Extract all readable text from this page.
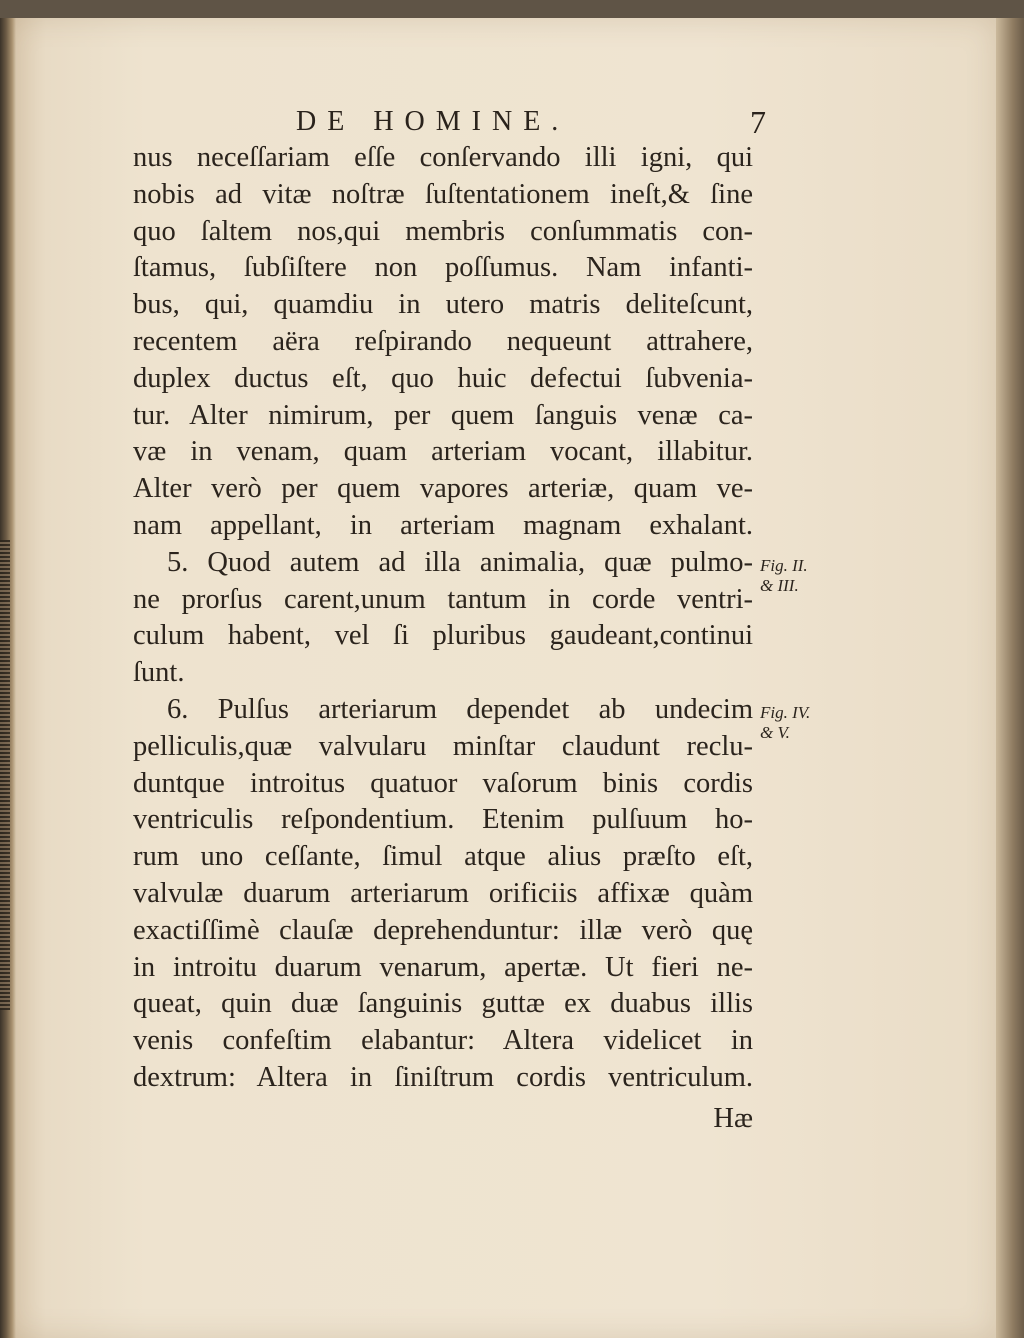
DE HOMINE.	7
nus neceſſariam eſſe conſervando illi igni, qui
nobis ad vitæ noſtræ ſuſtentationem ineſt,& ſine
quo ſaltem nos,qui membris conſummatis con-
ſtamus, ſubſiſtere non poſſumus. Nam infanti-
bus, qui, quamdiu in utero matris deliteſcunt,
recentem aëra reſpirando nequeunt attrahere,
duplex ductus eſt, quo huic defectui ſubvenia-
tur. Alter nimirum, per quem ſanguis venæ ca-
væ in venam, quam arteriam vocant, illabitur.
Alter verò per quem vapores arteriæ, quam ve-
nam appellant, in arteriam magnam exhalant.
5. Quod autem ad illa animalia, quæ pulmo-
ne prorſus carent,unum tantum in corde ventri-
culum habent, vel ſi pluribus gaudeant,continui
ſunt.
6. Pulſus arteriarum dependet ab undecim
pelliculis,quæ valvularu minſtar claudunt reclu-
duntque introitus quatuor vaſorum binis cordis
ventriculis reſpondentium. Etenim pulſuum ho-
rum uno ceſſante, ſimul atque alius præſto eſt,
valvulæ duarum arteriarum orificiis affixæ quàm
exactiſſimè clauſæ deprehenduntur: illæ verò quę
in introitu duarum venarum, apertæ. Ut fieri ne-
queat, quin duæ ſanguinis guttæ ex duabus illis
venis confeſtim elabantur: Altera videlicet in
dextrum: Altera in ſiniſtrum cordis ventriculum.
Hæ
Fig. II.
& III.
Fig. IV.
& V.
